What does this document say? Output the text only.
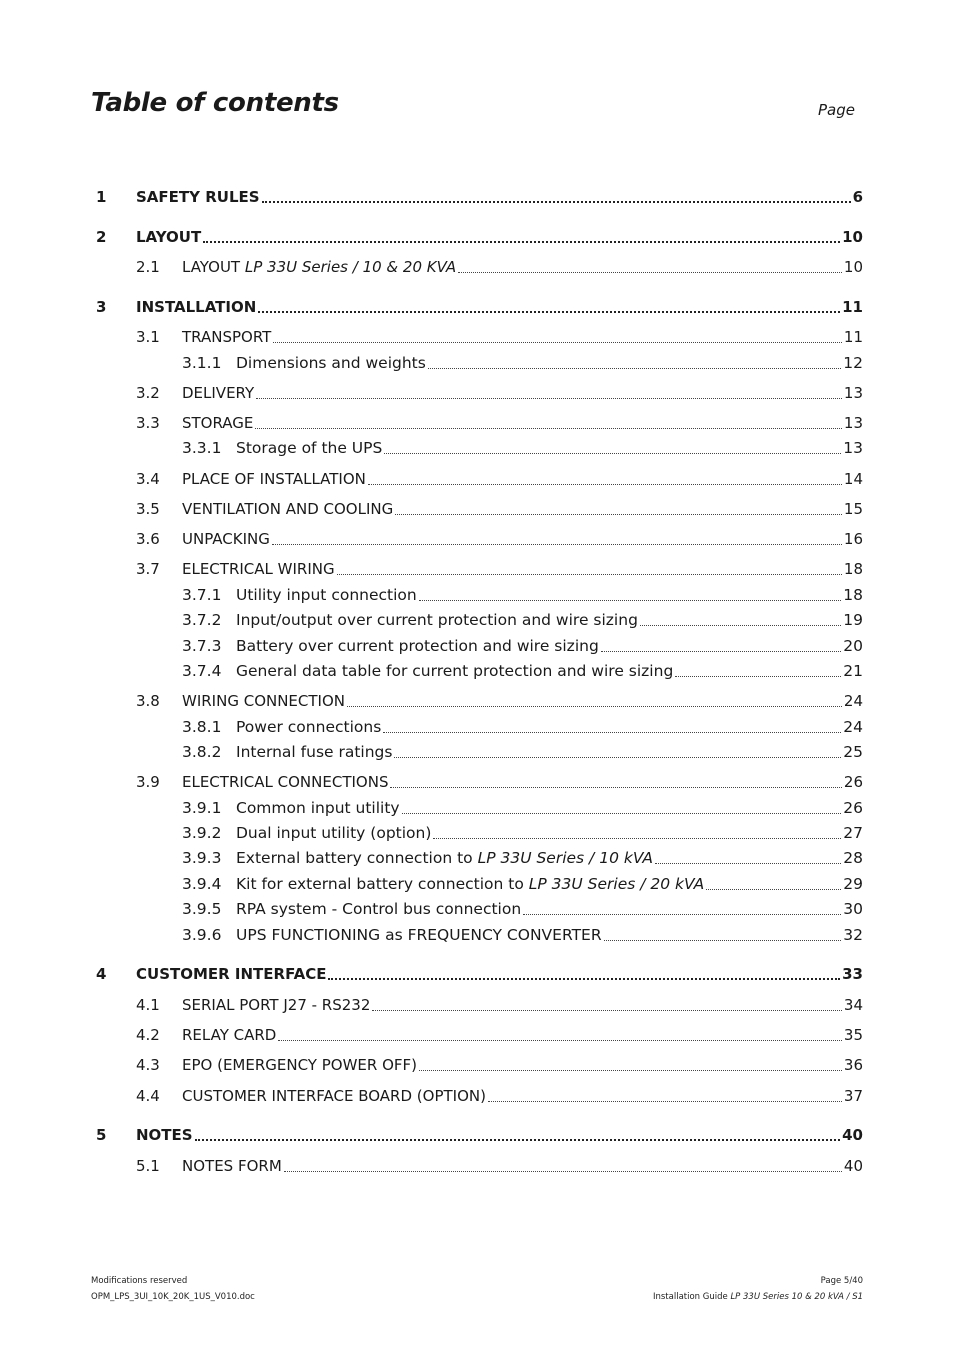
Table of contents	Page
1 SAFETY RULES	6
2 LAYOUT	10
2.1 LAYOUT LP 33U Series / 10 & 20 KVA	10
3 INSTALLATION	11
3.1 TRANSPORT	11
3.1.1 Dimensions and weights	12
3.2 DELIVERY	13
3.3 STORAGE	13
3.3.1 Storage of the UPS	13
3.4 PLACE OF INSTALLATION	14
3.5 VENTILATION AND COOLING	15
3.6 UNPACKING	16
3.7 ELECTRICAL WIRING	18
3.7.1 Utility input connection	18
3.7.2 Input/output over current protection and wire sizing	19
3.7.3 Battery over current protection and wire sizing	20
3.7.4 General data table for current protection and wire sizing	21
3.8 WIRING CONNECTION	24
3.8.1 Power connections	24
3.8.2 Internal fuse ratings	25
3.9 ELECTRICAL CONNECTIONS	26
3.9.1 Common input utility	26
3.9.2 Dual input utility (option)	27
3.9.3 External battery connection to LP 33U Series / 10 kVA	28
3.9.4 Kit for external battery connection to LP 33U Series / 20 kVA	29
3.9.5 RPA system - Control bus connection	30
3.9.6 UPS FUNCTIONING as FREQUENCY CONVERTER	32
4 CUSTOMER INTERFACE	33
4.1 SERIAL PORT J27 - RS232	34
4.2 RELAY CARD	35
4.3 EPO (EMERGENCY POWER OFF)	36
4.4 CUSTOMER INTERFACE BOARD (OPTION)	37
5 NOTES	40
5.1 NOTES FORM	40
Modifications reserved
OPM_LPS_3UI_10K_20K_1US_V010.doc
Page 5/40
Installation Guide LP 33U Series 10 & 20 kVA / S1
